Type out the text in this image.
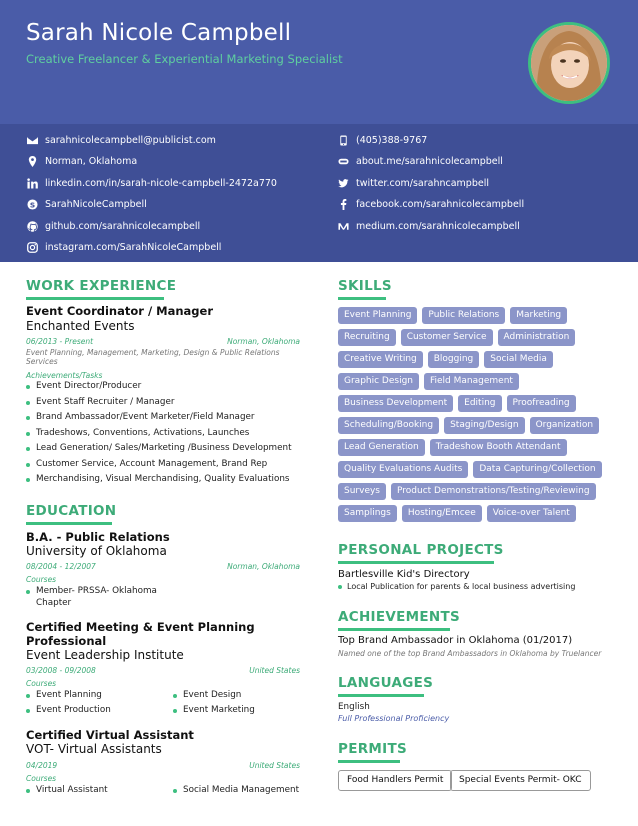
Sarah Nicole Campbell
Creative Freelancer & Experiential Marketing Specialist
sarahnicolecampbell@publicist.com
Norman, Oklahoma
linkedin.com/in/sarah-nicole-campbell-2472a770
S SarahNicoleCampbell
github.com/sarahnicolecampbell
instagram.com/SarahNicoleCampbell
(405)388-9767
about.me/sarahnicolecampbell
twitter.com/sarahncampbell
facebook.com/sarahnicolecampbell
medium.com/sarahnicolecampbell
WORK EXPERIENCE
Event Coordinator / Manager
Enchanted Events
06/2013 - Present	Norman, Oklahoma
Event Planning, Management, Marketing, Design & Public Relations Services
Achievements/Tasks
Event Director/Producer
Event Staff Recruiter / Manager
Brand Ambassador/Event Marketer/Field Manager
Tradeshows, Conventions, Activations, Launches
Lead Generation/ Sales/Marketing /Business Development
Customer Service, Account Management, Brand Rep
Merchandising, Visual Merchandising, Quality Evaluations
EDUCATION
B.A. - Public Relations
University of Oklahoma
08/2004 - 12/2007	Norman, Oklahoma
Courses
Member- PRSSA- Oklahoma Chapter
Certified Meeting & Event Planning
Professional
Event Leadership Institute
03/2008 - 09/2008	United States
Courses
Event Planning	Event Design
Event Production	Event Marketing
Certified Virtual Assistant
VOT- Virtual Assistants
04/2019	United States
Courses
Virtual Assistant	Social Media Management
SKILLS
Event Planning	Public Relations	Marketing
Recruiting	Customer Service	Administration
Creative Writing	Blogging	Social Media
Graphic Design	Field Management
Business Development	Editing	Proofreading
Scheduling/Booking	Staging/Design	Organization
Lead Generation	Tradeshow Booth Attendant
Quality Evaluations Audits	Data Capturing/Collection
Surveys	Product Demonstrations/Testing/Reviewing
Samplings	Hosting/Emcee	Voice-over Talent
PERSONAL PROJECTS
Bartlesville Kid's Directory
Local Publication for parents & local business advertising
ACHIEVEMENTS
Top Brand Ambassador in Oklahoma (01/2017)
Named one of the top Brand Ambassadors in Oklahoma by Truelancer
LANGUAGES
English
Full Professional Proficiency
PERMITS
Food Handlers Permit	Special Events Permit- OKC
